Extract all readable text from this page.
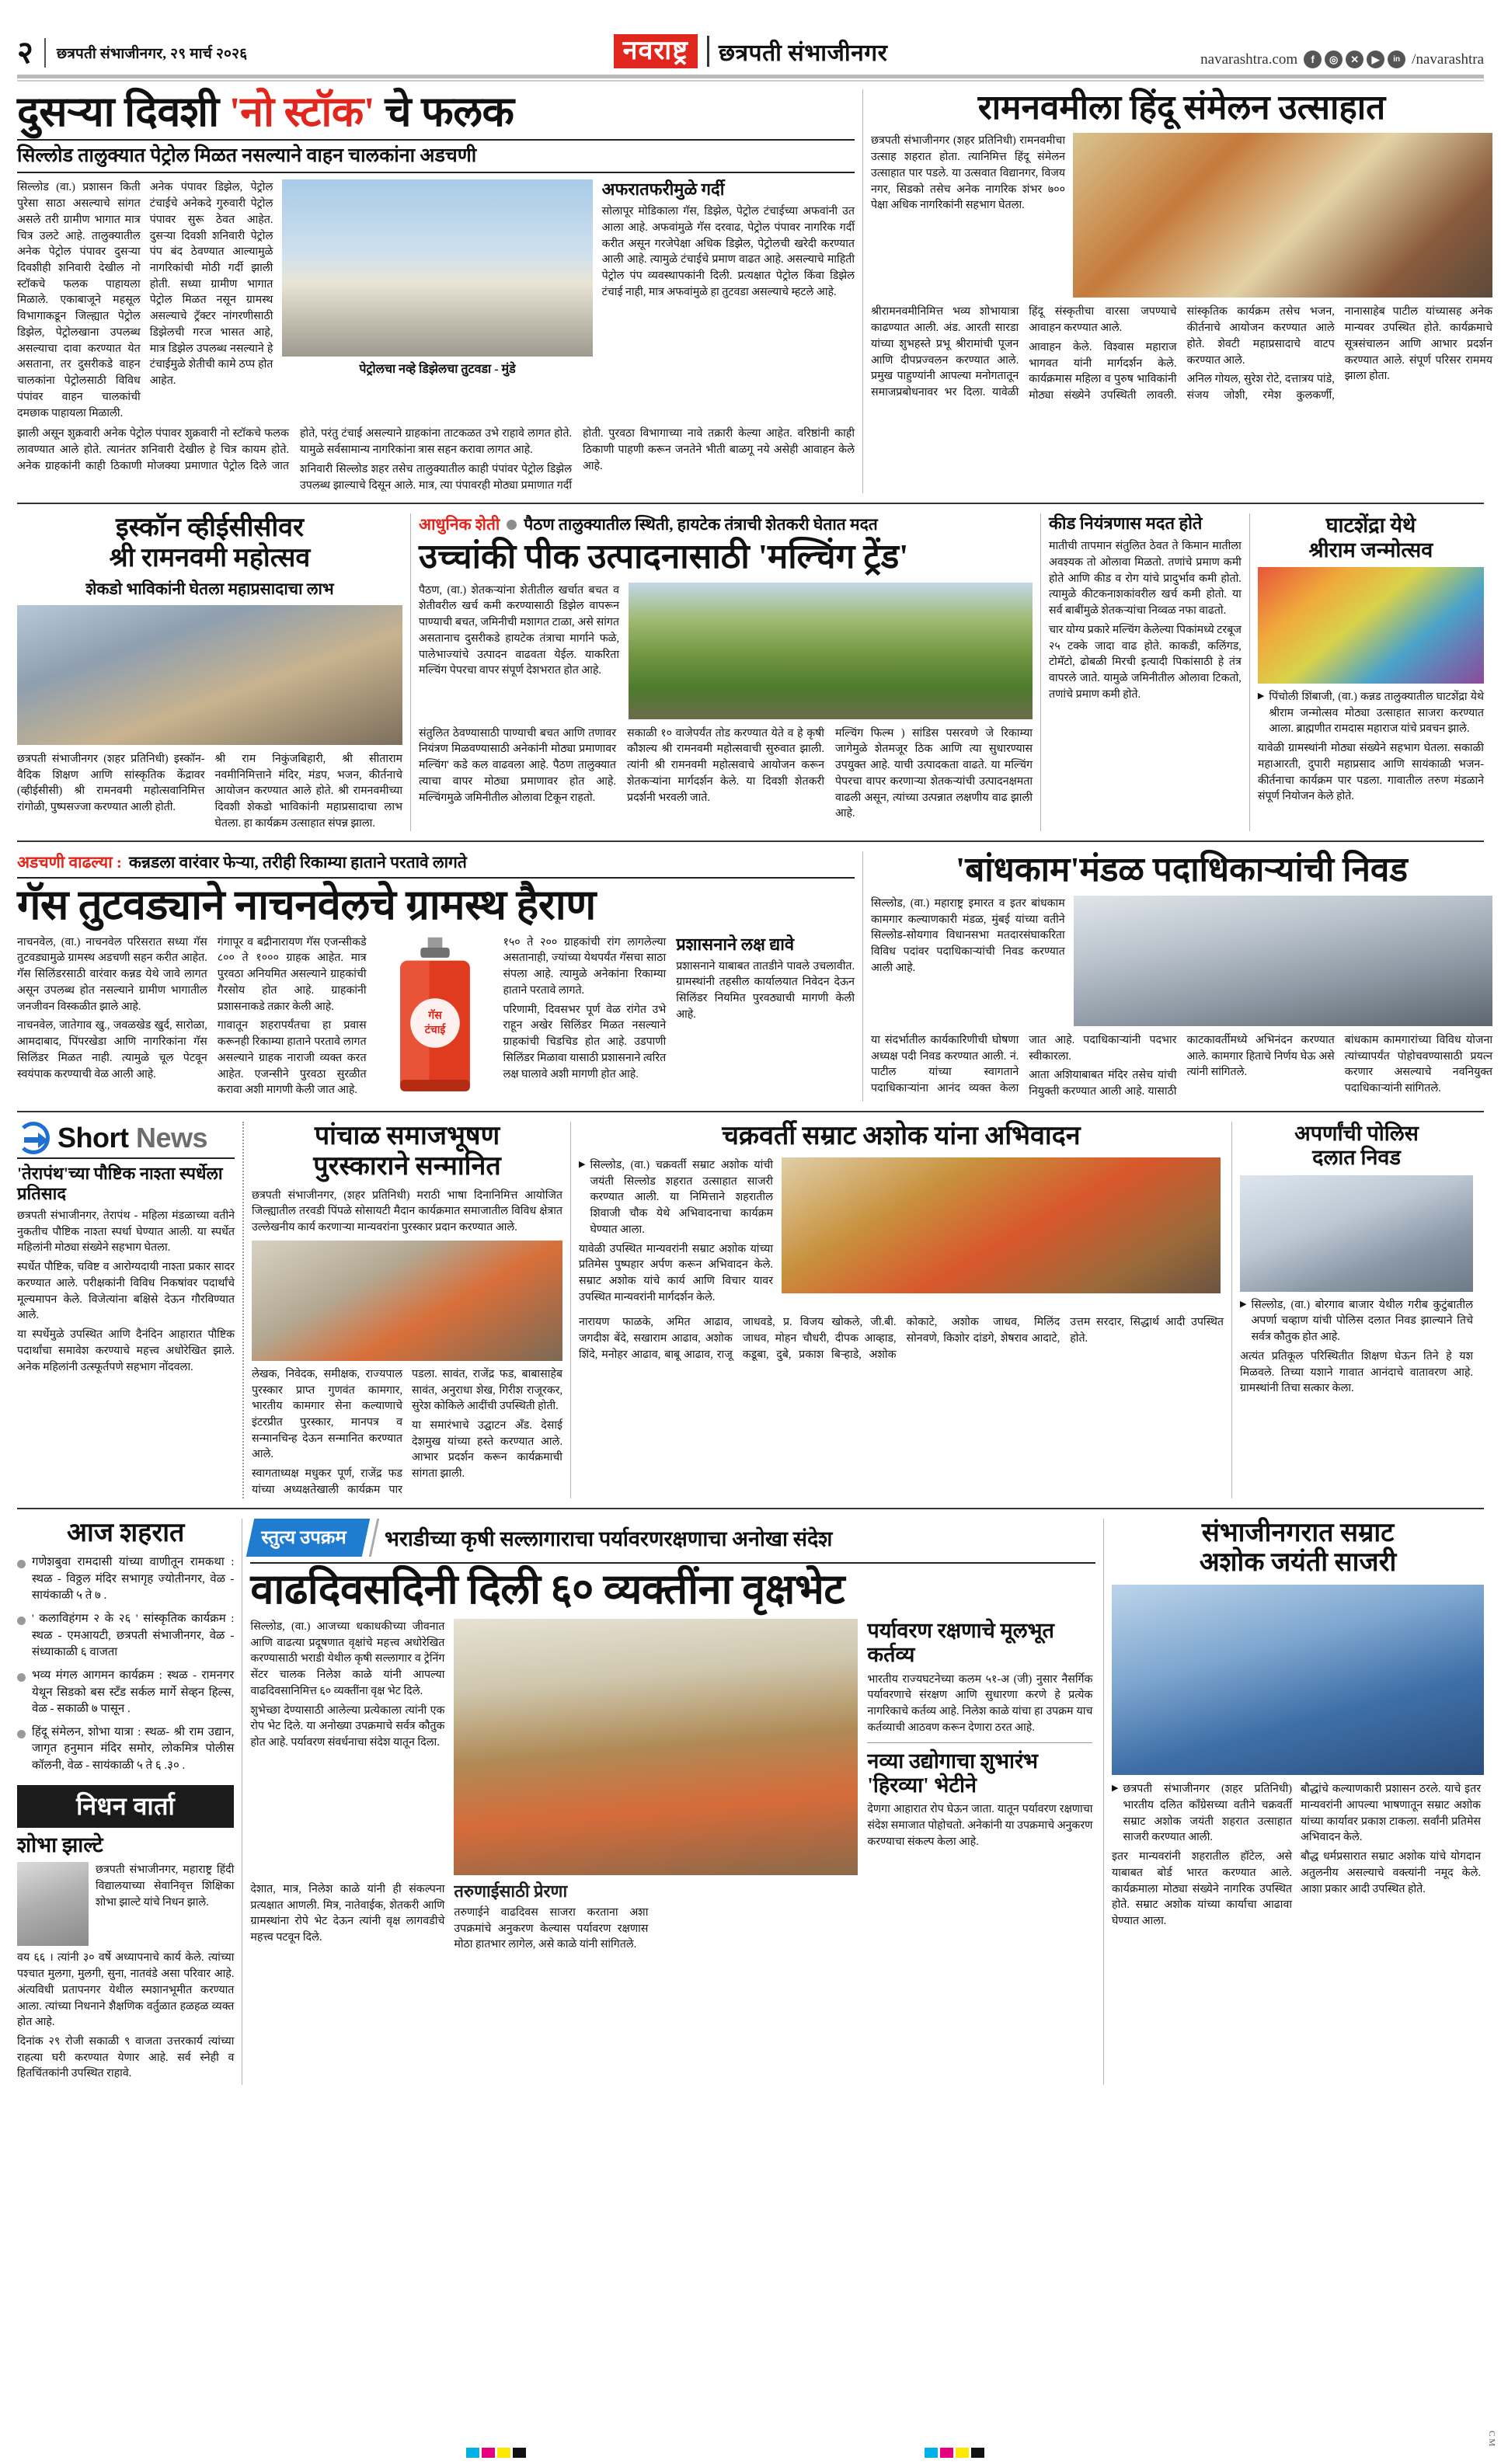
२ छत्रपती संभाजीनगर, २९ मार्च २०२६	नवराष्ट्र	छत्रपती संभाजीनगर	navarashtra.com	f	◎	✕	▶	in /navarashtra
दुसऱ्या दिवशी 'नो स्टॉक' चे फलक
सिल्लोड तालुक्यात पेट्रोल मिळत नसल्याने वाहन चालकांना अडचणी

सिल्लोड (वा.) प्रशासन किती पुरेसा साठा असल्याचे सांगत असले तरी ग्रामीण भागात मात्र चित्र उलटे आहे. तालुक्यातील अनेक पेट्रोल पंपावर दुसऱ्या दिवशीही शनिवारी देखील नो स्टॉकचे फलक पाहायला मिळाले. एकाबाजूने महसूल विभागाकडून जिल्ह्यात पेट्रोल डिझेल, पेट्रोलखाना उपलब्ध असल्याचा दावा करण्यात येत असताना, तर दुसरीकडे वाहन चालकांना पेट्रोलसाठी विविध पंपांवर वाहन चालकांची दमछाक पाहायला मिळाली.

अनेक पंपावर डिझेल, पेट्रोल टंचाईचे अनेकदे गुरुवारी पेट्रोल पंपावर सुरू ठेवत आहेत. दुसऱ्या दिवशी शनिवारी पेट्रोल पंप बंद ठेवण्यात आल्यामुळे नागरिकांची मोठी गर्दी झाली होती. सध्या ग्रामीण भागात पेट्रोल मिळत नसून ग्रामस्थ असल्याचे ट्रॅक्टर नांगरणीसाठी डिझेलची गरज भासत आहे, मात्र डिझेल उपलब्ध नसल्याने हे टंचाईमुळे शेतीची कामे ठप्प होत आहेत.

पेट्रोलचा नव्हे डिझेलचा तुटवडा - मुंडे
अफरातफरीमुळे गर्दी

सोलापूर मोडिकाला गॅस, डिझेल, पेट्रोल टंचाईच्या अफवांनी उत आला आहे. अफवांमुळे गॅस दरवाढ, पेट्रोल पंपावर नागरिक गर्दी करीत असून गरजेपेक्षा अधिक डिझेल, पेट्रोलची खरेदी करण्यात आली आहे. त्यामुळे टंचाईचे प्रमाण वाढत आहे. असल्याचे माहिती पेट्रोल पंप व्यवस्थापकांनी दिली. प्रत्यक्षात पेट्रोल किंवा डिझेल टंचाई नाही, मात्र अफवांमुळे हा तुटवडा असल्याचे म्हटले आहे.

झाली असून शुक्रवारी अनेक पेट्रोल पंपावर शुक्रवारी नो स्टॉकचे फलक लावण्यात आले होते. त्यानंतर शनिवारी देखील हे चित्र कायम होते. अनेक ग्राहकांनी काही ठिकाणी मोजक्या प्रमाणात पेट्रोल दिले जात होते, परंतु टंचाई असल्याने ग्राहकांना ताटकळत उभे राहावे लागत होते. यामुळे सर्वसामान्य नागरिकांना त्रास सहन करावा लागत आहे.

शनिवारी सिल्लोड शहर तसेच तालुक्यातील काही पंपांवर पेट्रोल डिझेल उपलब्ध झाल्याचे दिसून आले. मात्र, त्या पंपावरही मोठ्या प्रमाणात गर्दी होती. पुरवठा विभागाच्या नावे तक्रारी केल्या आहेत. वरिष्ठांनी काही ठिकाणी पाहणी करून जनतेने भीती बाळगू नये असेही आवाहन केले आहे.

रामनवमीला हिंदू संमेलन उत्साहात

छत्रपती संभाजीनगर (शहर प्रतिनिधी) रामनवमीचा उत्साह शहरात होता. त्यानिमित्त हिंदू संमेलन उत्साहात पार पडले. या उत्सवात विद्यानगर, विजय नगर, सिडको तसेच अनेक नागरिक शंभर ७०० पेक्षा अधिक नागरिकांनी सहभाग घेतला.

श्रीरामनवमीनिमित्त भव्य शोभायात्रा काढण्यात आली. अंड. आरती सारडा यांच्या शुभहस्ते प्रभू श्रीरामांची पूजन आणि दीपप्रज्वलन करण्यात आले. प्रमुख पाहुण्यांनी आपल्या मनोगतातून समाजप्रबोधनावर भर दिला. यावेळी हिंदू संस्कृतीचा वारसा जपण्याचे आवाहन करण्यात आले.

आवाहन केले. विश्वास महाराज भागवत यांनी मार्गदर्शन केले. कार्यक्रमास महिला व पुरुष भाविकांनी मोठ्या संख्येने उपस्थिती लावली. सांस्कृतिक कार्यक्रम तसेच भजन, कीर्तनाचे आयोजन करण्यात आले होते. शेवटी महाप्रसादाचे वाटप करण्यात आले.

अनिल गोयल, सुरेश रोटे, दत्तात्रय पांडे, संजय जोशी, रमेश कुलकर्णी, नानासाहेब पाटील यांच्यासह अनेक मान्यवर उपस्थित होते. कार्यक्रमाचे सूत्रसंचालन आणि आभार प्रदर्शन करण्यात आले. संपूर्ण परिसर राममय झाला होता.

इस्कॉन व्हीईसीसीवर
श्री रामनवमी महोत्सव
शेकडो भाविकांनी घेतला महाप्रसादाचा लाभ

छत्रपती संभाजीनगर (शहर प्रतिनिधी) इस्कॉन-वैदिक शिक्षण आणि सांस्कृतिक केंद्रावर (व्हीईसीसी) श्री रामनवमी महोत्सवानिमित्त रांगोळी, पुष्पसज्जा करण्यात आली होती.

श्री राम निकुंजबिहारी, श्री सीताराम नवमीनिमित्ताने मंदिर, मंडप, भजन, कीर्तनाचे आयोजन करण्यात आले होते. श्री रामनवमीच्या दिवशी शेकडो भाविकांनी महाप्रसादाचा लाभ घेतला. हा कार्यक्रम उत्साहात संपन्न झाला.

आधुनिक शेती पैठण तालुक्यातील स्थिती, हायटेक तंत्राची शेतकरी घेतात मदत
उच्चांकी पीक उत्पादनासाठी 'मल्चिंग ट्रेंड'

पैठण, (वा.) शेतकऱ्यांना शेतीतील खर्चात बचत व शेतीवरील खर्च कमी करण्यासाठी डिझेल वापरून पाण्याची बचत, जमिनीची मशागत टाळा, असे सांगत असतानाच दुसरीकडे हायटेक तंत्राचा मार्गाने फळे, पालेभाज्यांचे उत्पादन वाढवता येईल. याकरिता मल्चिंग पेपरचा वापर संपूर्ण देशभरात होत आहे.

संतुलित ठेवण्यासाठी पाण्याची बचत आणि तणावर नियंत्रण मिळवण्यासाठी अनेकांनी मोठ्या प्रमाणावर मल्चिंग' कडे कल वाढवला आहे. पैठण तालुक्यात त्याचा वापर मोठ्या प्रमाणावर होत आहे. मल्चिंगमुळे जमिनीतील ओलावा टिकून राहतो.

सकाळी १० वाजेपर्यंत तोड करण्यात येते व हे कृषी कौशल्य श्री रामनवमी महोत्सवाची सुरुवात झाली. त्यांनी श्री रामनवमी महोत्सवाचे आयोजन करून शेतकऱ्यांना मार्गदर्शन केले. या दिवशी शेतकरी प्रदर्शनी भरवली जाते.

मल्चिंग फिल्म ) सांडिस पसरवणे जे रिकाम्या जागेमुळे शेतमजूर ठिक आणि त्या सुधारण्यास उपयुक्त आहे. याची उत्पादकता वाढते. या मल्चिंग पेपरचा वापर करणाऱ्या शेतकऱ्यांची उत्पादनक्षमता वाढली असून, त्यांच्या उत्पन्नात लक्षणीय वाढ झाली आहे.

कीड नियंत्रणास मदत होते

मातीची तापमान संतुलित ठेवत ते किमान मातीला अवश्यक तो ओलावा मिळतो. तणांचे प्रमाण कमी होते आणि कीड व रोग यांचे प्रादुर्भाव कमी होतो. त्यामुळे कीटकनाशकांवरील खर्च कमी होतो. या सर्व बाबींमुळे शेतकऱ्यांचा निव्वळ नफा वाढतो.

चार योग्य प्रकारे मल्चिंग केलेल्या पिकांमध्ये टरबूज २५ टक्के जादा वाढ होते. काकडी, कलिंगड, टोमॅटो, ढोबळी मिरची इत्यादी पिकांसाठी हे तंत्र वापरले जाते. यामुळे जमिनीतील ओलावा टिकतो, तणांचे प्रमाण कमी होते.

घाटशेंद्रा येथे
श्रीराम जन्मोत्सव
▶ पिंचोली शिंबाजी, (वा.) कन्नड तालुक्यातील घाटशेंद्रा येथे श्रीराम जन्मोत्सव मोठ्या उत्साहात साजरा करण्यात आला. ब्राह्मणीत रामदास महाराज यांचे प्रवचन झाले.

यावेळी ग्रामस्थांनी मोठ्या संख्येने सहभाग घेतला. सकाळी महाआरती, दुपारी महाप्रसाद आणि सायंकाळी भजन-कीर्तनाचा कार्यक्रम पार पडला. गावातील तरुण मंडळाने संपूर्ण नियोजन केले होते.

अडचणी वाढल्या : कन्नडला वारंवार फेऱ्या, तरीही रिकाम्या हाताने परतावे लागते
गॅस तुटवड्याने नाचनवेलचे ग्रामस्थ हैराण

नाचनवेल, (वा.) नाचनवेल परिसरात सध्या गॅस तुटवड्यामुळे ग्रामस्थ अडचणी सहन करीत आहेत. गॅस सिलिंडरसाठी वारंवार कन्नड येथे जावे लागत असून उपलब्ध होत नसल्याने ग्रामीण भागातील जनजीवन विस्कळीत झाले आहे.

नाचनवेल, जातेगाव खु., जवळखेड खुर्द, सारोळा, आमदाबाद, पिंपरखेडा आणि नागरिकांना गॅस सिलिंडर मिळत नाही. त्यामुळे चूल पेटवून स्वयंपाक करण्याची वेळ आली आहे.

गंगापूर व बद्रीनारायण गॅस एजन्सीकडे ८०० ते १००० ग्राहक आहेत. मात्र पुरवठा अनियमित असल्याने ग्राहकांची गैरसोय होत आहे. ग्राहकांनी प्रशासनाकडे तक्रार केली आहे.

गावातून शहरापर्यंतचा हा प्रवास करूनही रिकाम्या हाताने परतावे लागत असल्याने ग्राहक नाराजी व्यक्त करत आहेत. एजन्सीने पुरवठा सुरळीत करावा अशी मागणी केली जात आहे.

गॅस
टंचाई

१५० ते २०० ग्राहकांची रांग लागलेल्या असतानाही, ज्यांच्या येथपर्यंत गॅसचा साठा संपला आहे. त्यामुळे अनेकांना रिकाम्या हाताने परतावे लागते.

परिणामी, दिवसभर पूर्ण वेळ रांगेत उभे राहून अखेर सिलिंडर मिळत नसल्याने ग्राहकांची चिडचिड होत आहे. उडपाणी सिलिंडर मिळावा यासाठी प्रशासनाने त्वरित लक्ष घालावे अशी मागणी होत आहे.

प्रशासनाने लक्ष द्यावे

प्रशासनाने याबाबत तातडीने पावले उचलावीत. ग्रामस्थांनी तहसील कार्यालयात निवेदन देऊन सिलिंडर नियमित पुरवठ्याची मागणी केली आहे.

'बांधकाम'मंडळ पदाधिकाऱ्यांची निवड

सिल्लोड, (वा.) महाराष्ट्र इमारत व इतर बांधकाम कामगार कल्याणकारी मंडळ, मुंबई यांच्या वतीने सिल्लोड-सोयगाव विधानसभा मतदारसंघाकरिता विविध पदांवर पदाधिकाऱ्यांची निवड करण्यात आली आहे.

या संदर्भातील कार्यकारिणीची घोषणा अध्यक्ष पदी निवड करण्यात आली. नं. पाटील यांच्या स्वागताने पदाधिकाऱ्यांना आनंद व्यक्त केला जात आहे. पदाधिकाऱ्यांनी पदभार स्वीकारला.

आता अशियाबाबत मंदिर तसेच यांची नियुक्ती करण्यात आली आहे. यासाठी काटकावर्तीमध्ये अभिनंदन करण्यात आले. कामगार हिताचे निर्णय घेऊ असे त्यांनी सांगितले.

बांधकाम कामगारांच्या विविध योजना त्यांच्यापर्यंत पोहोचवण्यासाठी प्रयत्न करणार असल्याचे नवनियुक्त पदाधिकाऱ्यांनी सांगितले.

Short News
'तेरापंथ'च्या पौष्टिक नाश्ता स्पर्धेला प्रतिसाद

छत्रपती संभाजीनगर, तेरापंथ - महिला मंडळाच्या वतीने नुकतीच पौष्टिक नाश्ता स्पर्धा घेण्यात आली. या स्पर्धेत महिलांनी मोठ्या संख्येने सहभाग घेतला.

स्पर्धेत पौष्टिक, चविष्ट व आरोग्यदायी नाश्ता प्रकार सादर करण्यात आले. परीक्षकांनी विविध निकषांवर पदार्थांचे मूल्यमापन केले. विजेत्यांना बक्षिसे देऊन गौरविण्यात आले.

या स्पर्धेमुळे उपस्थित आणि दैनंदिन आहारात पौष्टिक पदार्थांचा समावेश करण्याचे महत्त्व अधोरेखित झाले. अनेक महिलांनी उत्स्फूर्तपणे सहभाग नोंदवला.

पांचाळ समाजभूषण
पुरस्काराने सन्मानित

छत्रपती संभाजीनगर, (शहर प्रतिनिधी) मराठी भाषा दिनानिमित्त आयोजित जिल्ह्यातील तरवडी पिंपळे सोसायटी मैदान कार्यक्रमात समाजातील विविध क्षेत्रात उल्लेखनीय कार्य करणाऱ्या मान्यवरांना पुरस्कार प्रदान करण्यात आले.

लेखक, निवेदक, समीक्षक, राज्यपाल पुरस्कार प्राप्त गुणवंत कामगार, भारतीय कामगार सेना कल्याणाचे इंटरप्रीत पुरस्कार, मानपत्र व सन्मानचिन्ह देऊन सन्मानित करण्यात आले.

स्वागताध्यक्ष मधुकर पूर्ण, राजेंद्र फड यांच्या अध्यक्षतेखाली कार्यक्रम पार पडला. सावंत, राजेंद्र फड, बाबासाहेब सावंत, अनुराधा शेख, गिरीश राजूरकर, सुरेश कोकिले आदींची उपस्थिती होती.

या समारंभाचे उद्घाटन अँड. देसाई देशमुख यांच्या हस्ते करण्यात आले. आभार प्रदर्शन करून कार्यक्रमाची सांगता झाली.

चक्रवर्ती सम्राट अशोक यांना अभिवादन
▶ सिल्लोड, (वा.) चक्रवर्ती सम्राट अशोक यांची जयंती सिल्लोड शहरात उत्साहात साजरी करण्यात आली. या निमित्ताने शहरातील शिवाजी चौक येथे अभिवादनाचा कार्यक्रम घेण्यात आला.

यावेळी उपस्थित मान्यवरांनी सम्राट अशोक यांच्या प्रतिमेस पुष्पहार अर्पण करून अभिवादन केले. सम्राट अशोक यांचे कार्य आणि विचार यावर उपस्थित मान्यवरांनी मार्गदर्शन केले.

नारायण फाळके, अमित आढाव, जगदीश बेंदे, सखाराम आढाव, अशोक शिंदे, मनोहर आढाव, बाबू आढाव, राजू जाधवडे, प्र. विजय खोकले, जी.बी. जाधव, मोहन चौधरी, दीपक आव्हाड, कडूबा, दुबे, प्रकाश बिऱ्हाडे, अशोक कोकाटे, अशोक जाधव, मिलिंद सोनवणे, किशोर दांडगे, शेषराव आदाटे, उत्तम सरदार, सिद्धार्थ आदी उपस्थित होते.

अपर्णांची पोलिस
दलात निवड
▶ सिल्लोड, (वा.) बोरगाव बाजार येथील गरीब कुटुंबातील अपर्णा चव्हाण यांची पोलिस दलात निवड झाल्याने तिचे सर्वत्र कौतुक होत आहे.

अत्यंत प्रतिकूल परिस्थितीत शिक्षण घेऊन तिने हे यश मिळवले. तिच्या यशाने गावात आनंदाचे वातावरण आहे. ग्रामस्थांनी तिचा सत्कार केला.

आज शहरात
गणेशबुवा रामदासी यांच्या वाणीतून रामकथा : स्थळ - विठ्ठल मंदिर सभागृह ज्योतीनगर, वेळ - सायंकाळी ५ ते ७ .
' कलाविहंगम २ के २६ ' सांस्कृतिक कार्यक्रम : स्थळ - एमआयटी, छत्रपती संभाजीनगर, वेळ - संध्याकाळी ६ वाजता
भव्य मंगल आगमन कार्यक्रम : स्थळ - रामनगर येथून सिडको बस स्टँड सर्कल मार्गे सेव्हन हिल्स, वेळ - सकाळी ७ पासून .
हिंदू संमेलन, शोभा यात्रा : स्थळ- श्री राम उद्यान, जागृत हनुमान मंदिर समोर, लोकमित्र पोलीस कॉलनी, वेळ - सायंकाळी ५ ते ६ .३० .
निधन वार्ता
शोभा झाल्टे

छत्रपती संभाजीनगर, महाराष्ट्र हिंदी विद्यालयाच्या सेवानिवृत्त शिक्षिका शोभा झाल्टे यांचे निधन झाले.

वय ६६ । त्यांनी ३० वर्षे अध्यापनाचे कार्य केले. त्यांच्या पश्चात मुलगा, मुलगी, सुना, नातवंडे असा परिवार आहे. अंत्यविधी प्रतापनगर येथील स्मशानभूमीत करण्यात आला. त्यांच्या निधनाने शैक्षणिक वर्तुळात हळहळ व्यक्त होत आहे.

दिनांक २९ रोजी सकाळी ९ वाजता उत्तरकार्य त्यांच्या राहत्या घरी करण्यात येणार आहे. सर्व स्नेही व हितचिंतकांनी उपस्थित राहावे.

स्तुत्य उपक्रम	भराडीच्या कृषी सल्लागाराचा पर्यावरणरक्षणाचा अनोखा संदेश
वाढदिवसदिनी दिली ६० व्यक्तींना वृक्षभेट

सिल्लोड, (वा.) आजच्या धकाधकीच्या जीवनात आणि वाढत्या प्रदूषणात वृक्षांचे महत्त्व अधोरेखित करण्यासाठी भराडी येथील कृषी सल्लागार व ट्रेनिंग सेंटर चालक निलेश काळे यांनी आपल्या वाढदिवसानिमित्त ६० व्यक्तींना वृक्ष भेट दिले.

शुभेच्छा देण्यासाठी आलेल्या प्रत्येकाला त्यांनी एक रोप भेट दिले. या अनोख्या उपक्रमाचे सर्वत्र कौतुक होत आहे. पर्यावरण संवर्धनाचा संदेश यातून दिला.

पर्यावरण रक्षणाचे मूलभूत कर्तव्य

भारतीय राज्यघटनेच्या कलम ५१-अ (जी) नुसार नैसर्गिक पर्यावरणाचे संरक्षण आणि सुधारणा करणे हे प्रत्येक नागरिकाचे कर्तव्य आहे. निलेश काळे यांचा हा उपक्रम याच कर्तव्याची आठवण करून देणारा ठरत आहे.

नव्या उद्योगाचा शुभारंभ 'हिरव्या' भेटीने

देणगा आहारात रोप घेऊन जाता. यातून पर्यावरण रक्षणाचा संदेश समाजात पोहोचतो. अनेकांनी या उपक्रमाचे अनुकरण करण्याचा संकल्प केला आहे.

देशात, मात्र, निलेश काळे यांनी ही संकल्पना प्रत्यक्षात आणली. मित्र, नातेवाईक, शेतकरी आणि ग्रामस्थांना रोपे भेट देऊन त्यांनी वृक्ष लागवडीचे महत्त्व पटवून दिले.

तरुणाईसाठी प्रेरणा

तरुणाईने वाढदिवस साजरा करताना अशा उपक्रमांचे अनुकरण केल्यास पर्यावरण रक्षणास मोठा हातभार लागेल, असे काळे यांनी सांगितले.

संभाजीनगरात सम्राट
अशोक जयंती साजरी
▶ छत्रपती संभाजीनगर (शहर प्रतिनिधी) भारतीय दलित काँग्रेसच्या वतीने चक्रवर्ती सम्राट अशोक जयंती शहरात उत्साहात साजरी करण्यात आली.

इतर मान्यवरांनी शहरातील हॉटेल, असे याबाबत बोर्ड भारत करण्यात आले. कार्यक्रमाला मोठ्या संख्येने नागरिक उपस्थित होते. सम्राट अशोक यांच्या कार्याचा आढावा घेण्यात आला.

बौद्धांचे कल्याणकारी प्रशासन ठरले. याचे इतर मान्यवरांनी आपल्या भाषणातून सम्राट अशोक यांच्या कार्यावर प्रकाश टाकला. सर्वांनी प्रतिमेस अभिवादन केले.

बौद्ध धर्मप्रसारात सम्राट अशोक यांचे योगदान अतुलनीय असल्याचे वक्त्यांनी नमूद केले. आशा प्रकार आदी उपस्थित होते.

CM
